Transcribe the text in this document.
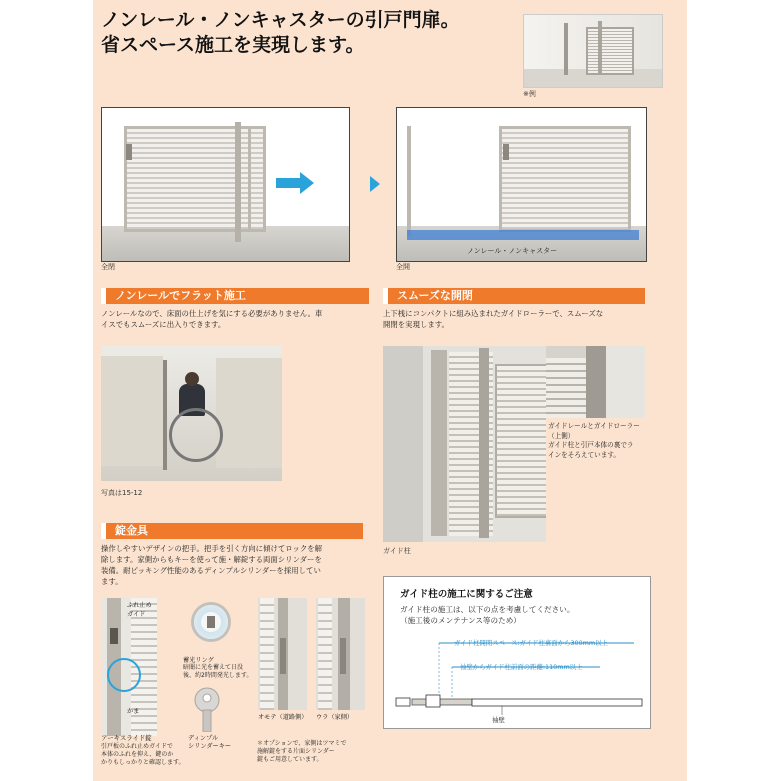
ノンレール・ノンキャスターの引戸門扉。
省スペース施工を実現します。
※例
全閉
ノンレール・ノンキャスター
全開
ノンレールでフラット施工
ノンレールなので、床面の仕上げを気にする必要がありません。車
イスでもスムーズに出入りできます。
写真は15-12
スムーズな開閉
上下桟にコンパクトに組み込まれたガイドローラーで、スムーズな
開閉を実現します。
ガイド柱
ガイドレールとガイドローラー
（上側）
ガイド柱と引戸本体の裏でラ
インをそろえています。
錠金具
操作しやすいデザインの把手。把手を引く方向に傾けてロックを解
除します。家側からもキーを使って施・解錠する両面シリンダーを
装備。耐ピッキング性能のあるディンプルシリンダーを採用してい
ます。
ふれ止め
ガイド
かま
アーキスライド錠
引戸板のふれ止めガイドで
本体のふれを抑え、鍵のか
かりもしっかりと確認します。
蓄光リング
暗闇に光を蓄えて日没
後、約2時間発光します。
ディンプル
シリンダーキー
オモテ（道路側） ウラ（家側）
＊オプションで、家側はツマミで
施解錠をする片面シリンダー
錠もご用意しています。
ガイド柱の施工に関するご注意
ガイド柱の施工は、以下の点を考慮してください。
（施工後のメンテナンス等のため）
ガイド柱開閉スペース:ガイド柱裏面から300mm以上
袖壁からガイド柱前面の距離:110mm以上
袖壁
